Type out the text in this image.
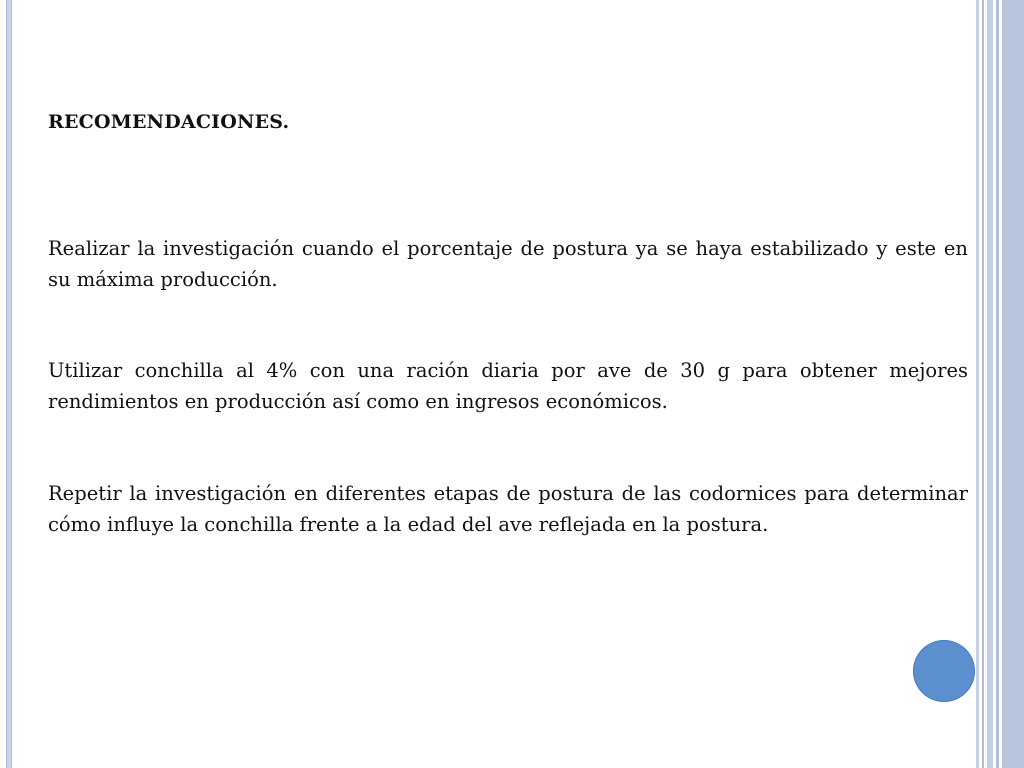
RECOMENDACIONES.

Realizar la investigación cuando el porcentaje de postura ya se haya estabilizado y este en su máxima producción.

Utilizar conchilla al 4% con una ración diaria por ave de 30 g para obtener mejores rendimientos en producción así como en ingresos económicos.

Repetir la investigación en diferentes etapas de postura de las codornices para determinar cómo influye la conchilla frente a la edad del ave reflejada en la postura.
